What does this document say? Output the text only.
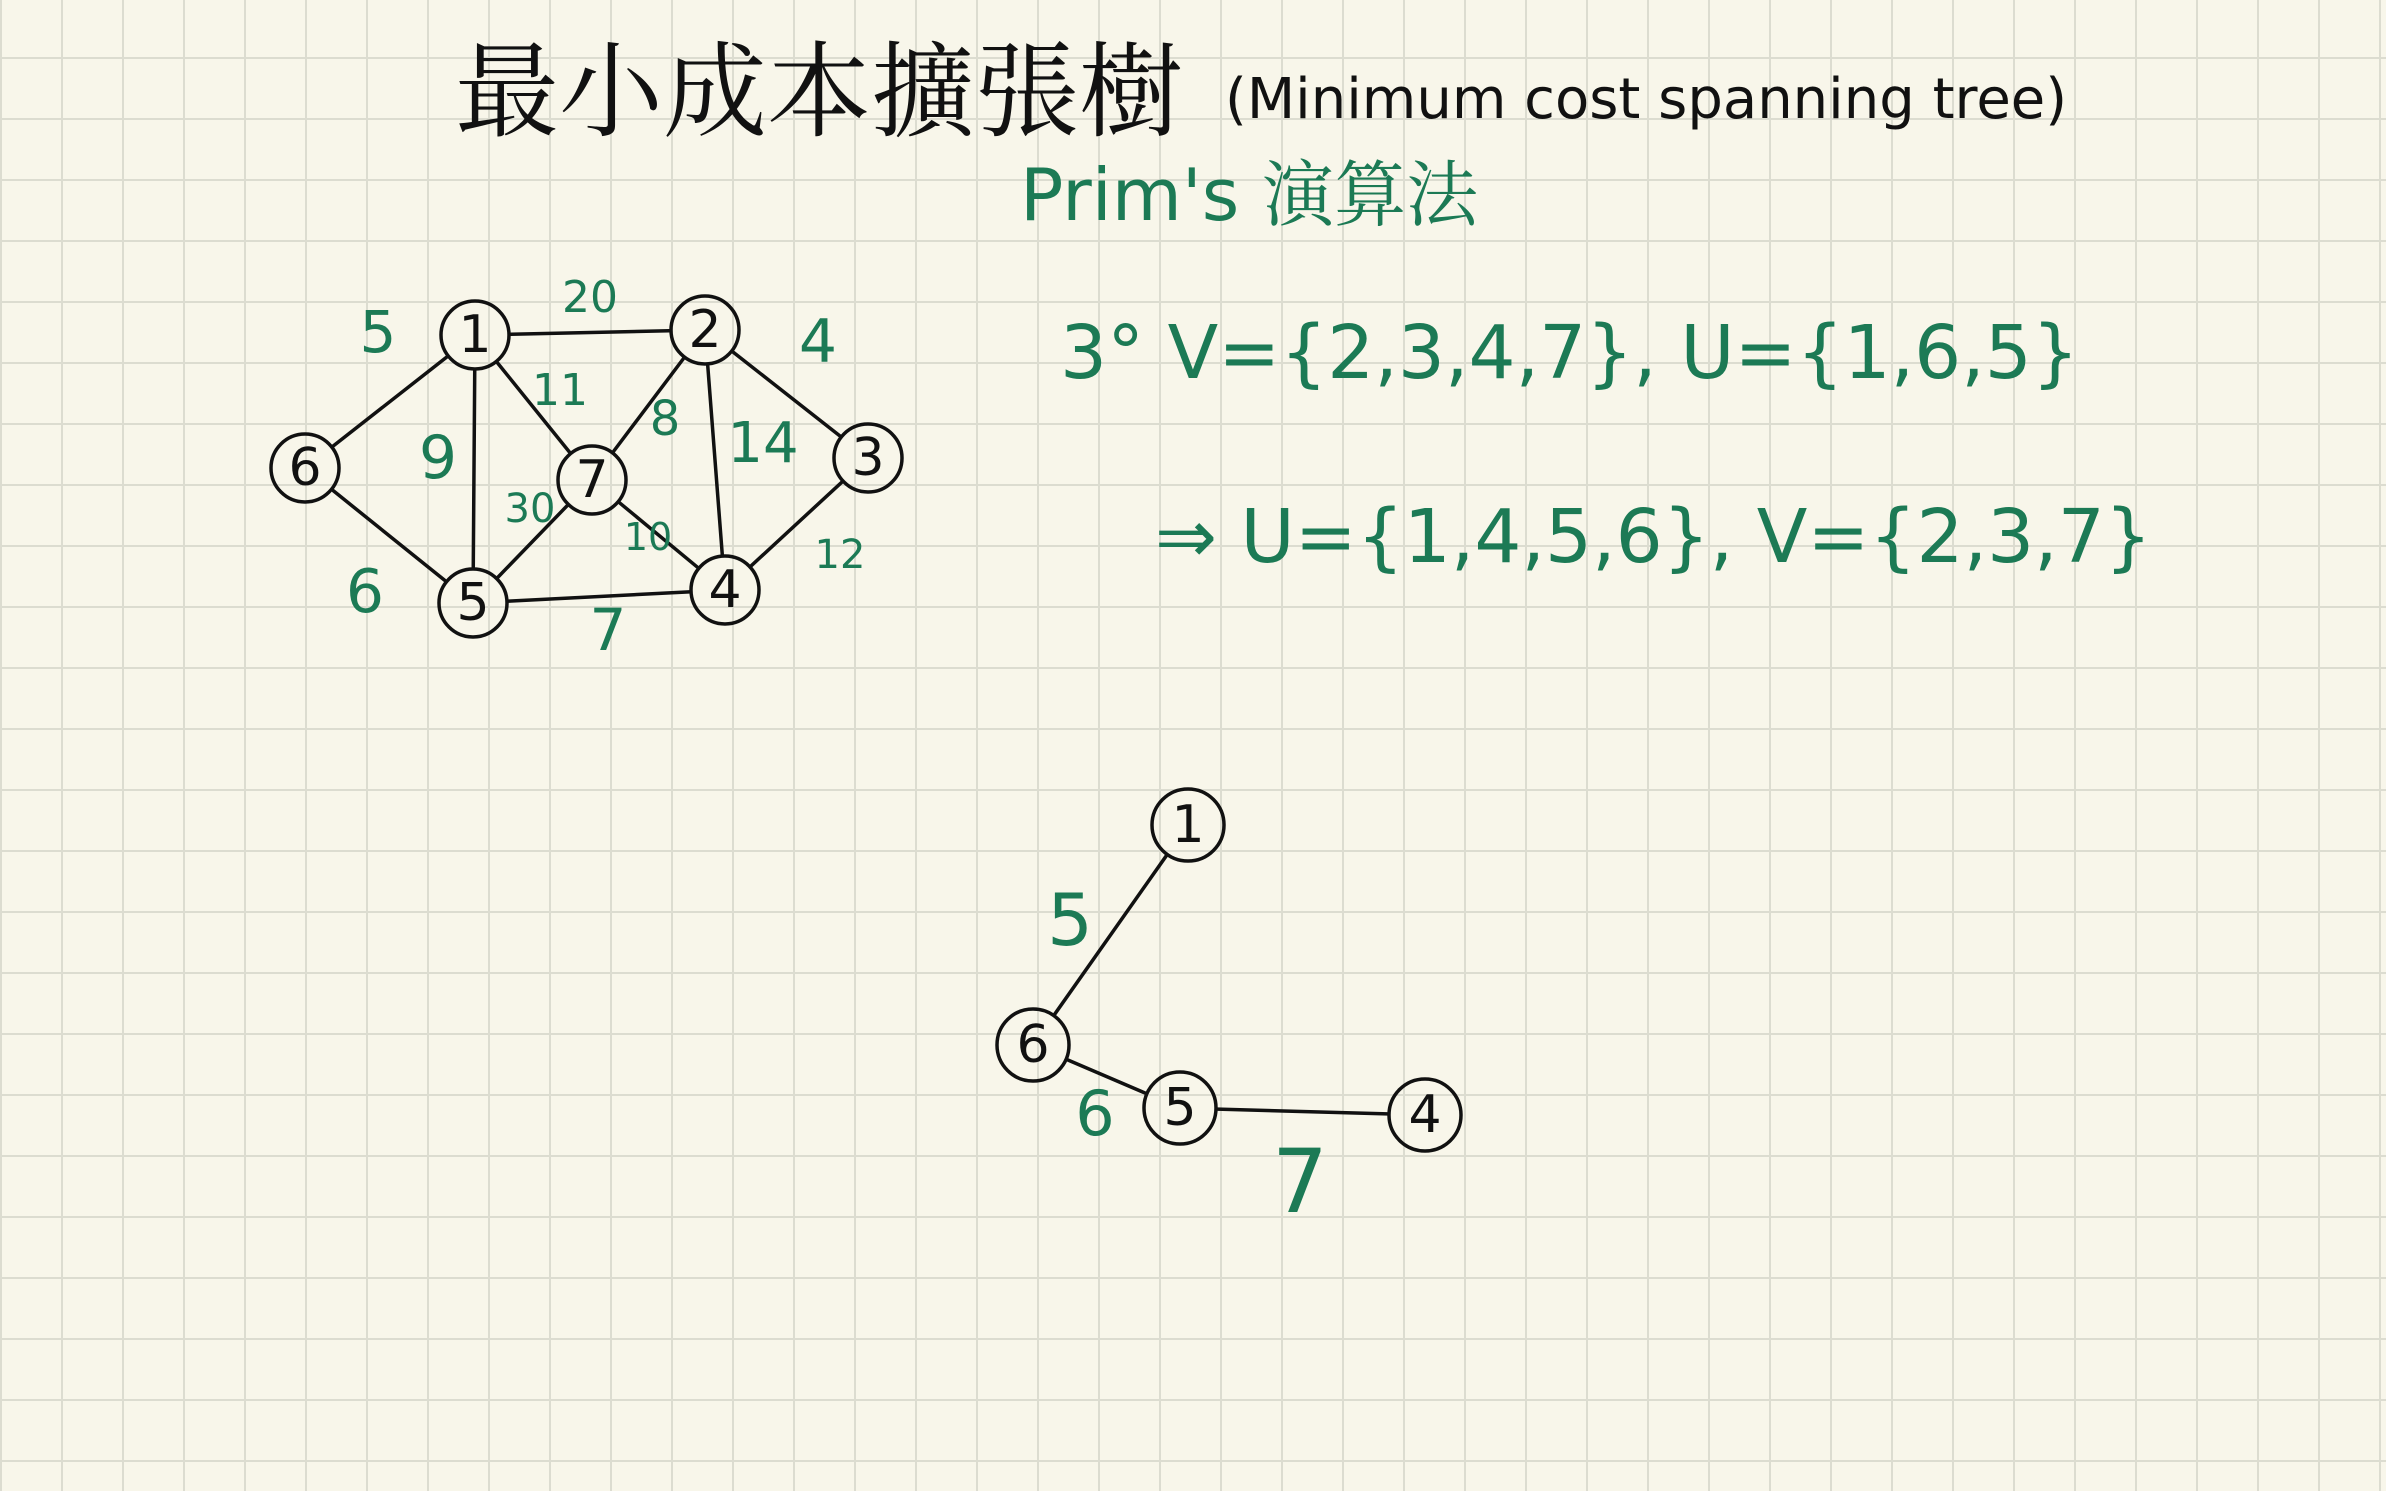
最小成本擴張樹 (Minimum cost spanning tree)
Prim's 演算法
3° V={2,3,4,7}, U={1,6,5}
⇒ U={1,4,5,6}, V={2,3,7}
20
5
9
11
4
8 14
12
6
30
10
7
1	2
3
4
5
6	7
5
6
7
1
6
5	4
